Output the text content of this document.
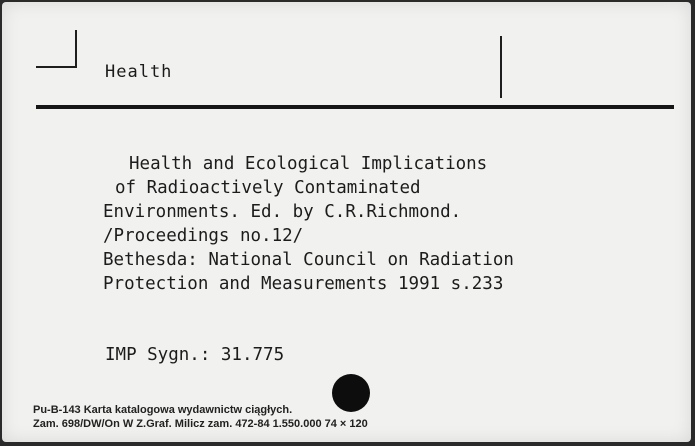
Health
Health and Ecological Implications
of Radioactively Contaminated
Environments. Ed. by C.R.Richmond.
/Proceedings no.12/
Bethesda: National Council on Radiation
Protection and Measurements 1991 s.233
IMP Sygn.: 31.775
Pu-B-143 Karta katalogowa wydawnictw ciągłych.
Zam. 698/DW/On W Z.Graf. Milicz zam. 472-84 1.550.000 74 × 120
